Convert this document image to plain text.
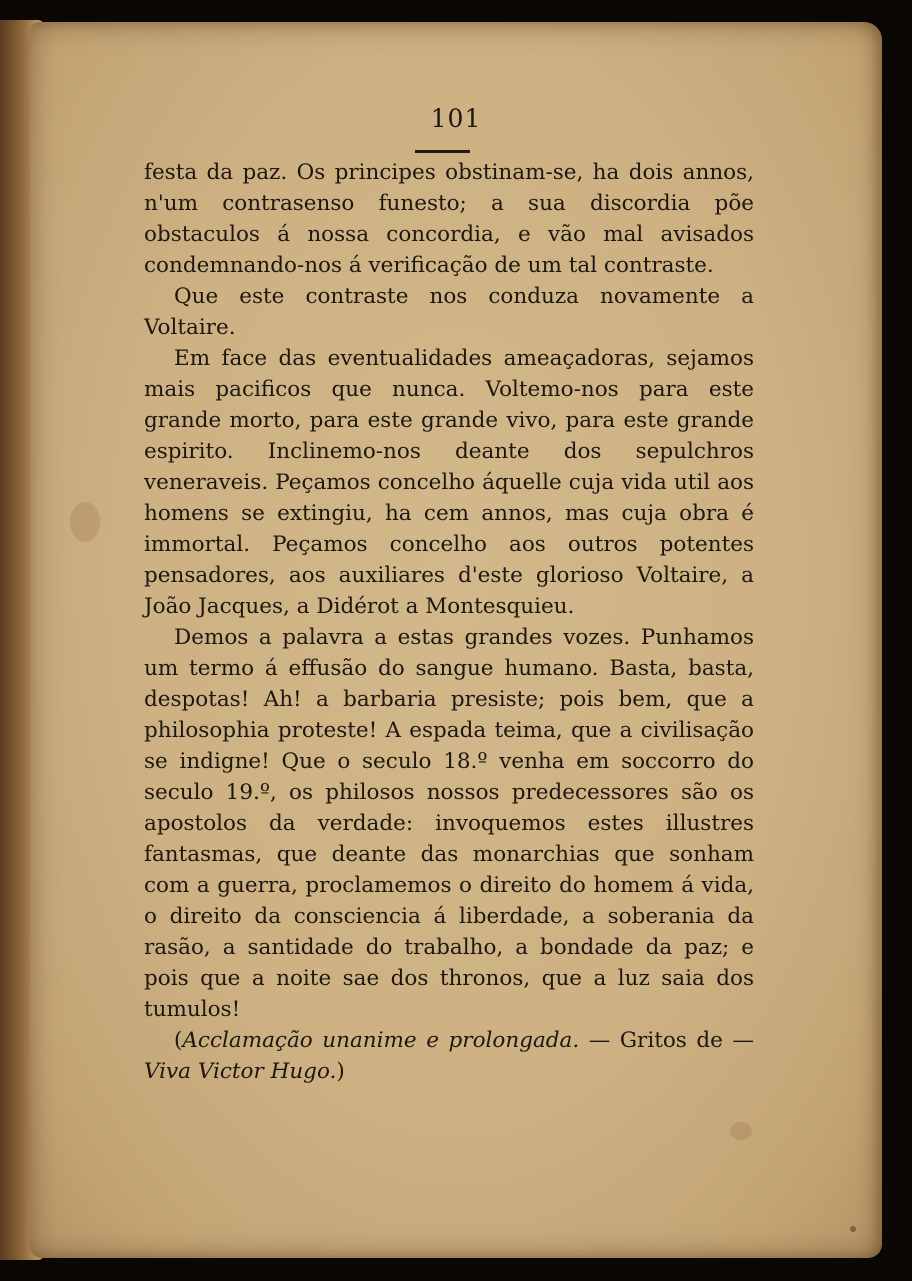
101

festa da paz. Os principes obstinam-se, ha dois annos, n'um contrasenso funesto; a sua discordia põe obstaculos á nossa concordia, e vão mal avisados condemnando-nos á verificação de um tal contraste.

Que este contraste nos conduza novamente a Voltaire.

Em face das eventualidades ameaçadoras, sejamos mais pacificos que nunca. Voltemo-nos para este grande morto, para este grande vivo, para este grande espirito. Inclinemo-nos deante dos sepulchros veneraveis. Peçamos concelho áquelle cuja vida util aos homens se extingiu, ha cem annos, mas cuja obra é immortal. Peçamos concelho aos outros potentes pensadores, aos auxiliares d'este glorioso Voltaire, a João Jacques, a Didérot a Montesquieu.

Demos a palavra a estas grandes vozes. Punhamos um termo á effusão do sangue humano. Basta, basta, despotas! Ah! a barbaria presiste; pois bem, que a philosophia proteste! A espada teima, que a civilisação se indigne! Que o seculo 18.º venha em soccorro do seculo 19.º, os philosos nossos predecessores são os apostolos da verdade: invoquemos estes illustres fantasmas, que deante das monarchias que sonham com a guerra, proclamemos o direito do homem á vida, o direito da consciencia á liberdade, a soberania da rasão, a santidade do trabalho, a bondade da paz; e pois que a noite sae dos thronos, que a luz saia dos tumulos!

(Acclamação unanime e prolongada. — Gritos de — Viva Victor Hugo.)
